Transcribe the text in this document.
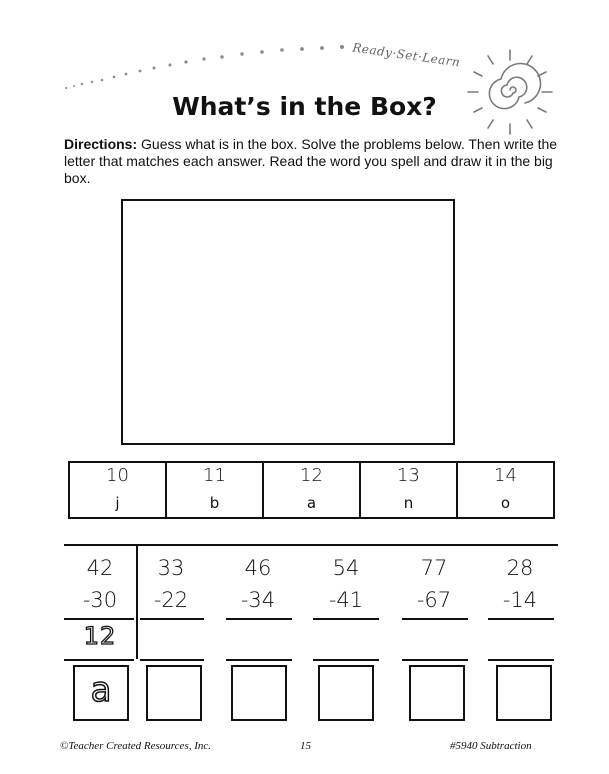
Ready·Set·Learn
What’s in the Box?
Directions: Guess what is in the box. Solve the problems below. Then write the letter that matches each answer. Read the word you spell and draw it in the big box.
10
j
11
b
12
a
13
n
14
o
42
-30
12
33
-22
46
-34
54
-41
77
-67
28
-14
a
©Teacher Created Resources, Inc.	15	#5940 Subtraction
